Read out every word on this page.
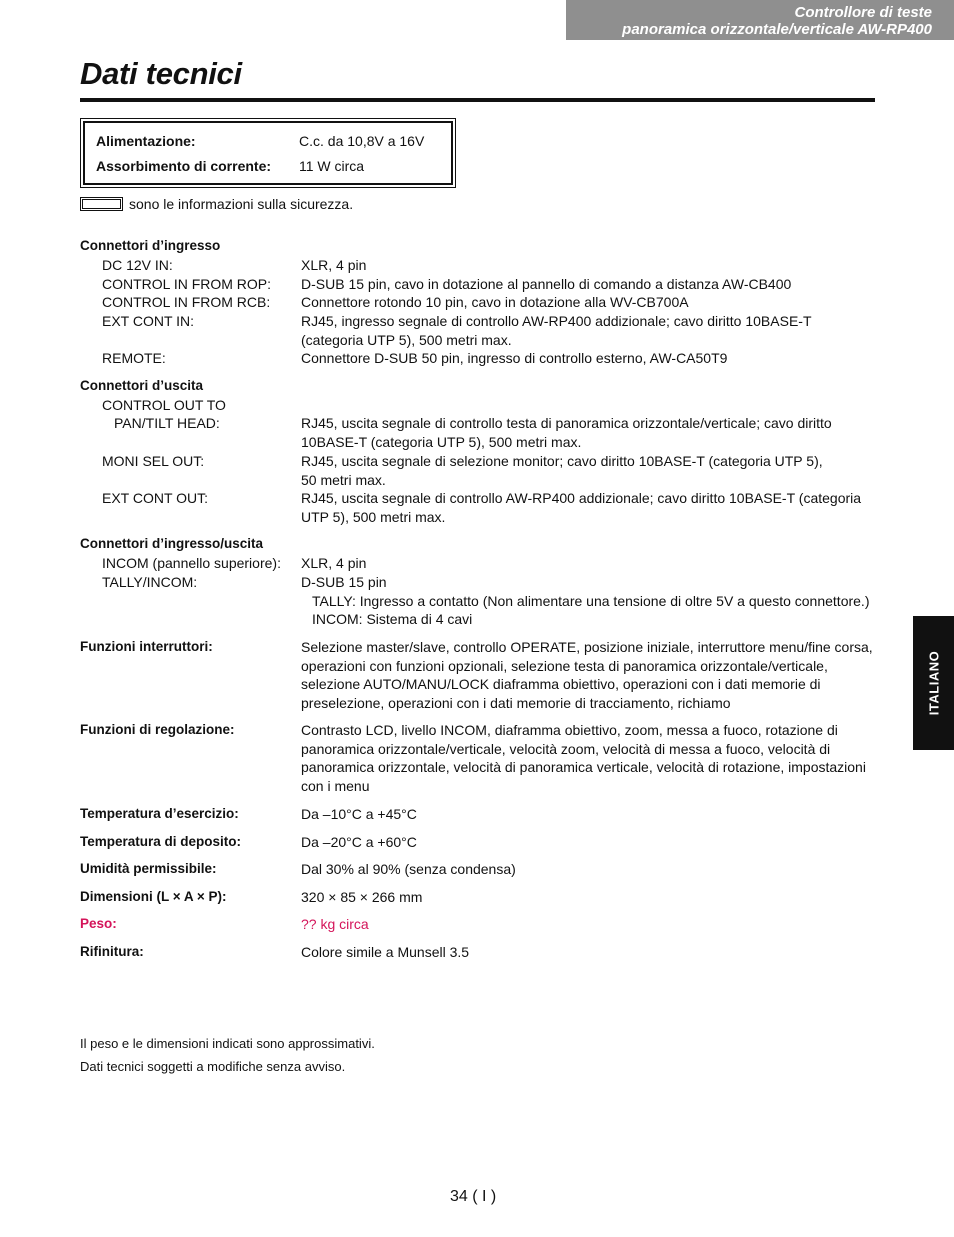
Controllore di teste
panoramica orizzontale/verticale AW-RP400
Dati tecnici
Alimentazione:	C.c. da 10,8V a 16V
Assorbimento di corrente: 11 W circa
sono le informazioni sulla sicurezza.
Connettori d’ingresso
DC 12V IN:	XLR, 4 pin
CONTROL IN FROM ROP: D-SUB 15 pin, cavo in dotazione al pannello di comando a distanza AW-CB400
CONTROL IN FROM RCB: Connettore rotondo 10 pin, cavo in dotazione alla WV-CB700A
EXT CONT IN:	RJ45, ingresso segnale di controllo AW-RP400 addizionale; cavo diritto 10BASE-T (categoria UTP 5), 500 metri max.
REMOTE:	Connettore D-SUB 50 pin, ingresso di controllo esterno, AW-CA50T9
Connettori d’uscita
CONTROL OUT TO
PAN/TILT HEAD:	RJ45, uscita segnale di controllo testa di panoramica orizzontale/verticale; cavo diritto 10BASE-T (categoria UTP 5), 500 metri max.
MONI SEL OUT:	RJ45, uscita segnale di selezione monitor; cavo diritto 10BASE-T (categoria UTP 5), 50 metri max.
EXT CONT OUT:	RJ45, uscita segnale di controllo AW-RP400 addizionale; cavo diritto 10BASE-T (categoria UTP 5), 500 metri max.
Connettori d’ingresso/uscita
INCOM (pannello superiore): XLR, 4 pin
TALLY/INCOM:	D-SUB 15 pin
TALLY: Ingresso a contatto (Non alimentare una tensione di oltre 5V a questo connettore.)
INCOM: Sistema di 4 cavi
Funzioni interruttori:	Selezione master/slave, controllo OPERATE, posizione iniziale, interruttore menu/fine corsa, operazioni con funzioni opzionali, selezione testa di panoramica orizzontale/verticale, selezione AUTO/MANU/LOCK diaframma obiettivo, operazioni con i dati memorie di preselezione, operazioni con i dati memorie di tracciamento, richiamo
Funzioni di regolazione:	Contrasto LCD, livello INCOM, diaframma obiettivo, zoom, messa a fuoco, rotazione di panoramica orizzontale/verticale, velocità zoom, velocità di messa a fuoco, velocità di panoramica orizzontale, velocità di panoramica verticale, velocità di rotazione, impostazioni con i menu
Temperatura d’esercizio:	Da –10°C a +45°C
Temperatura di deposito:	Da –20°C a +60°C
Umidità permissibile:	Dal 30% al 90% (senza condensa)
Dimensioni (L × A × P):	320 × 85 × 266 mm
Peso:	?? kg circa
Rifinitura:	Colore simile a Munsell 3.5
Il peso e le dimensioni indicati sono approssimativi.
Dati tecnici soggetti a modifiche senza avviso.
34 ( I )
ITALIANO
